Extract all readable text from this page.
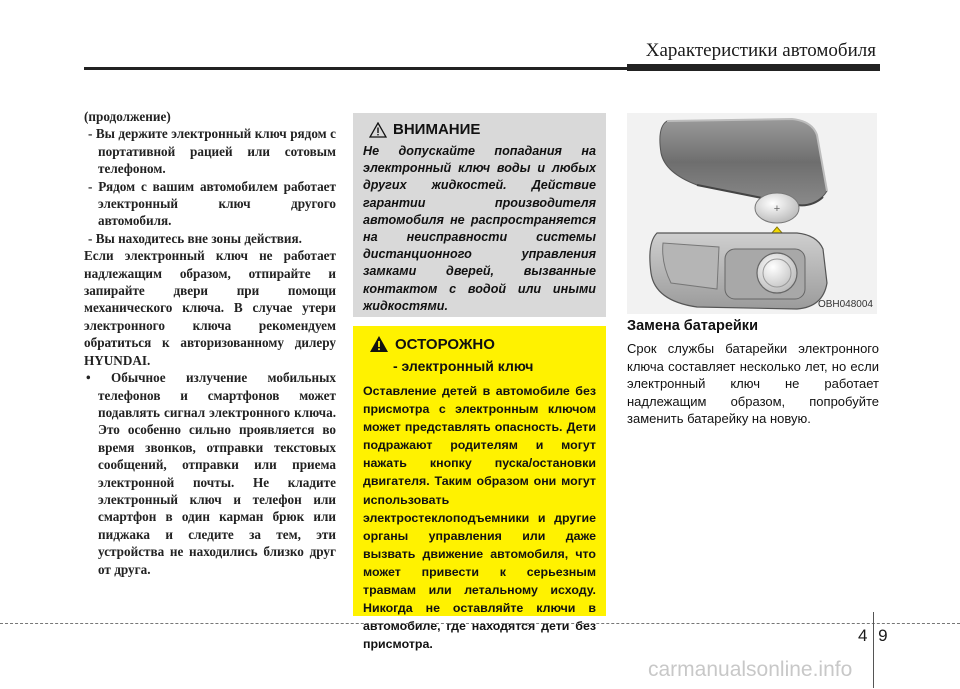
Характеристики автомобиля

(продолжение)

- Вы держите электронный ключ рядом с портативной рацией или сотовым телефоном.

- Рядом с вашим автомобилем работает электронный ключ другого автомобиля.

- Вы находитесь вне зоны действия.

Если электронный ключ не работает надлежащим образом, отпирайте и запирайте двери при помощи механического ключа. В случае утери электронного ключа рекомендуем обратиться к авторизованному дилеру HYUNDAI.

• Обычное излучение мобильных телефонов и смартфонов может подавлять сигнал электронного ключа. Это особенно сильно проявляется во время звонков, отправки текстовых сообщений, отправки или приема электронной почты. Не кладите электронный ключ и телефон или смартфон в один карман брюк или пиджака и следите за тем, эти устройства не находились близко друг от друга.

ВНИМАНИЕ
Не допускайте попадания на электронный ключ воды и любых других жидкостей. Действие гарантии производителя автомобиля не распространяется на неисправности системы дистанционного управления замками дверей, вызванные контактом с водой или иными жидкостями.
ОСТОРОЖНО
- электронный ключ
Оставление детей в автомобиле без присмотра с электронным ключом может представлять опасность. Дети подражают родителям и могут нажать кнопку пуска/остановки двигателя. Таким образом они могут использовать электростеклоподъемники и другие органы управления или даже вызвать движение автомобиля, что может привести к серьезным травмам или летальному исходу. Никогда не оставляйте ключи в автомобиле, где находятся дети без присмотра.
+
OBH048004
Замена батарейки

Срок службы батарейки электронного ключа составляет несколько лет, но если электронный ключ не работает надлежащим образом, попробуйте заменить батарейку на новую.

4 9
carmanualsonline.info
